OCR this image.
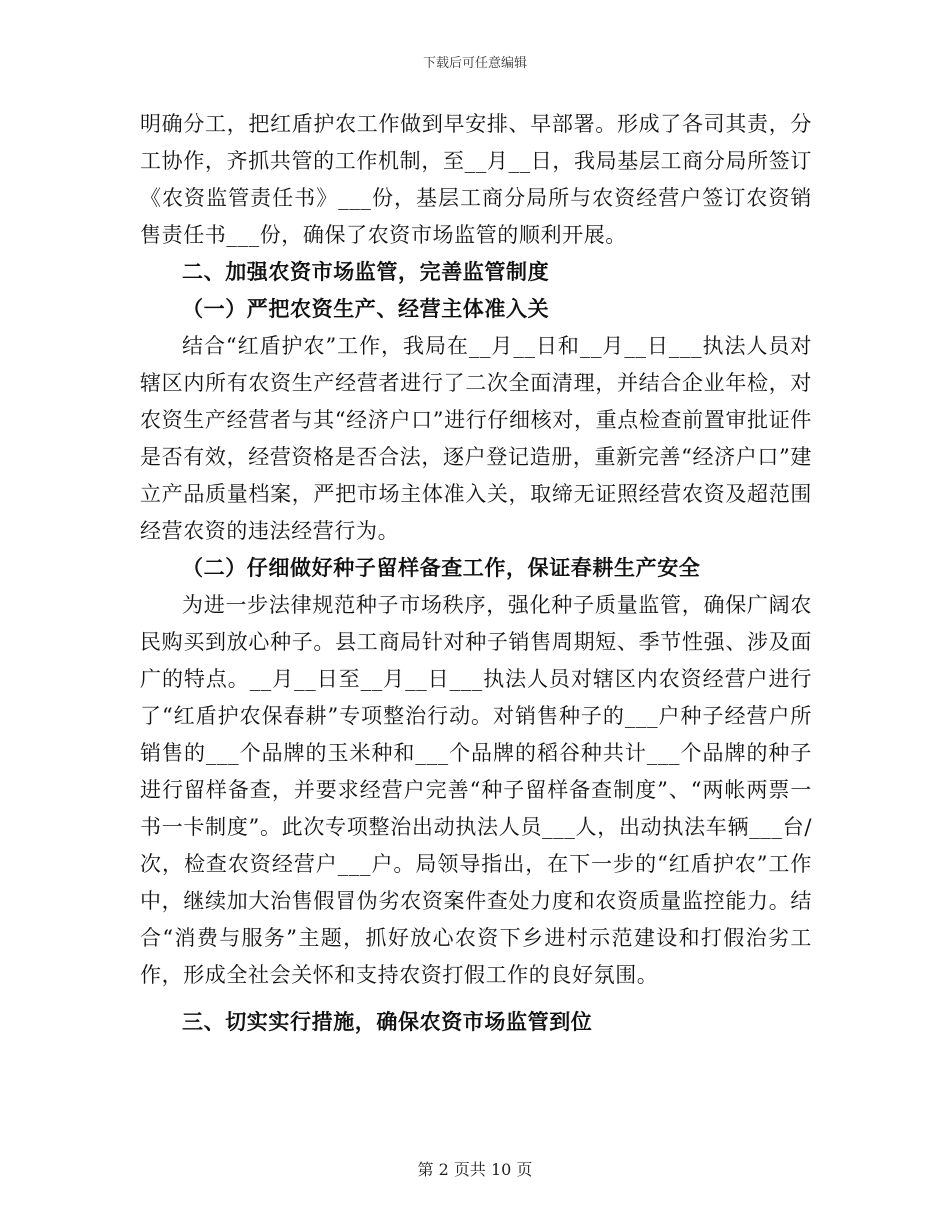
下载后可任意编辑

明确分工，把红盾护农工作做到早安排、早部署。形成了各司其责，分工协作，齐抓共管的工作机制，至__月__日，我局基层工商分局所签订《农资监管责任书》___份，基层工商分局所与农资经营户签订农资销售责任书___份，确保了农资市场监管的顺利开展。

二、加强农资市场监管，完善监管制度

（一）严把农资生产、经营主体准入关

结合“红盾护农”工作，我局在__月__日和__月__日___执法人员对辖区内所有农资生产经营者进行了二次全面清理，并结合企业年检，对农资生产经营者与其“经济户口”进行仔细核对，重点检查前置审批证件是否有效，经营资格是否合法，逐户登记造册，重新完善“经济户口”建立产品质量档案，严把市场主体准入关，取缔无证照经营农资及超范围经营农资的违法经营行为。

（二）仔细做好种子留样备查工作，保证春耕生产安全

为进一步法律规范种子市场秩序，强化种子质量监管，确保广阔农民购买到放心种子。县工商局针对种子销售周期短、季节性强、涉及面广的特点。__月__日至__月__日___执法人员对辖区内农资经营户进行了“红盾护农保春耕”专项整治行动。对销售种子的___户种子经营户所销售的___个品牌的玉米种和___个品牌的稻谷种共计___个品牌的种子进行留样备查，并要求经营户完善“种子留样备查制度”、“两帐两票一书一卡制度”。此次专项整治出动执法人员___人，出动执法车辆___台/次，检查农资经营户___户。局领导指出，在下一步的“红盾护农”工作中，继续加大治售假冒伪劣农资案件查处力度和农资质量监控能力。结合“消费与服务”主题，抓好放心农资下乡进村示范建设和打假治劣工作，形成全社会关怀和支持农资打假工作的良好氛围。

三、切实实行措施，确保农资市场监管到位

第 2 页共 10 页
